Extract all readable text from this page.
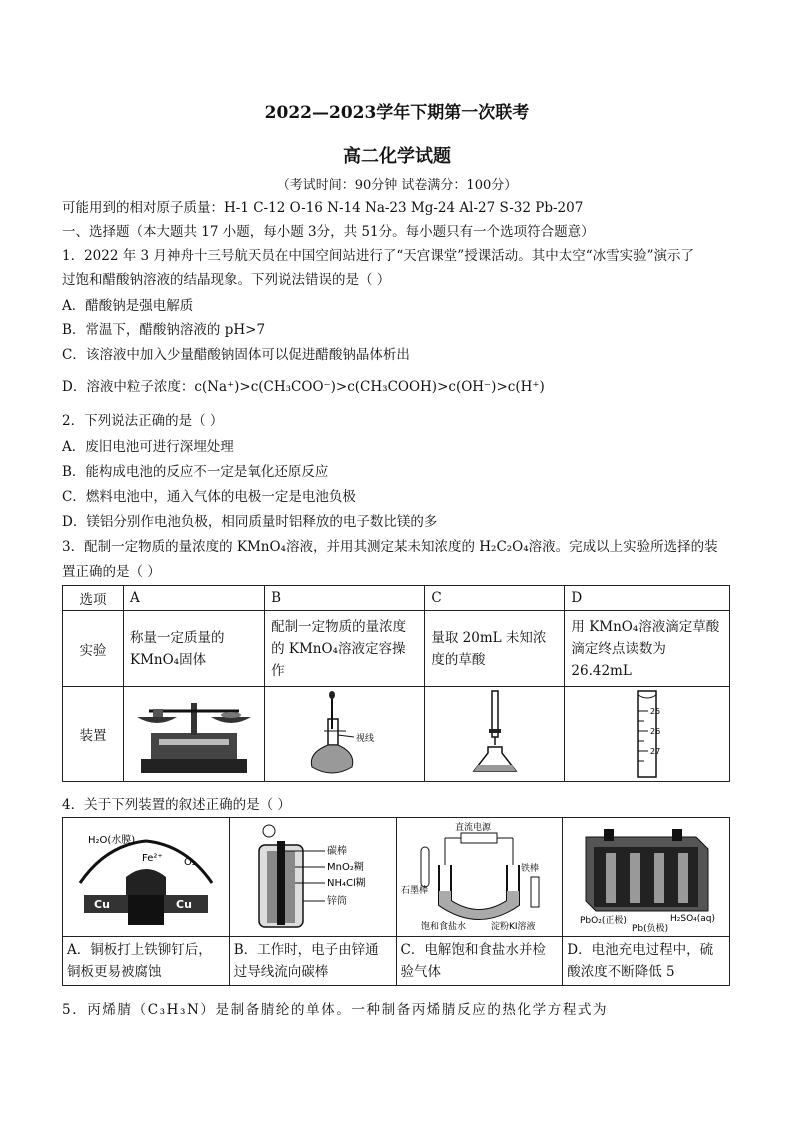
2022—2023学年下期第一次联考
高二化学试题
（考试时间：90分钟 试卷满分：100分）
可能用到的相对原子质量：H-1 C-12 O-16 N-14 Na-23 Mg-24 Al-27 S-32 Pb-207
一、选择题（本大题共 17 小题，每小题 3分，共 51分。每小题只有一个选项符合题意）
1．2022 年 3 月神舟十三号航天员在中国空间站进行了“天宫课堂”授课活动。其中太空“冰雪实验”演示了
过饱和醋酸钠溶液的结晶现象。下列说法错误的是（ ）
A．醋酸钠是强电解质
B．常温下，醋酸钠溶液的 pH>7
C．该溶液中加入少量醋酸钠固体可以促进醋酸钠晶体析出
D．溶液中粒子浓度：c(Na⁺)>c(CH₃COO⁻)>c(CH₃COOH)>c(OH⁻)>c(H⁺)
2．下列说法正确的是（ ）
A．废旧电池可进行深埋处理
B．能构成电池的反应不一定是氧化还原反应
C．燃料电池中，通入气体的电极一定是电池负极
D．镁铝分别作电池负极，相同质量时铝释放的电子数比镁的多
3．配制一定物质的量浓度的 KMnO₄溶液，并用其测定某未知浓度的 H₂C₂O₄溶液。完成以上实验所选择的装
置正确的是（ ）
选项	A	B	C	D
实验	称量一定质量的 KMnO₄固体	配制一定物质的量浓度的 KMnO₄溶液定容操作	量取 20mL 未知浓度的草酸	用 KMnO₄溶液滴定草酸滴定终点读数为 26.42mL
装置		视线		25
26
27
4．关于下列装置的叙述正确的是（ ）
H₂O(水膜)
O₂
Fe²⁺
Cu Cu	碳棒
MnO₂糊
NH₄Cl糊
锌筒	直流电源
石墨棒
铁棒
饱和食盐水 淀粉KI溶液	PbO₂(正极)
Pb(负极)
H₂SO₄(aq)

A．铜板打上铁铆钉后，铜板更易被腐蚀	B．工作时，电子由锌通过导线流向碳棒	C．电解饱和食盐水并检验气体	D．电池充电过程中，硫酸浓度不断降低 5
5．丙烯腈（C₃H₃N）是制备腈纶的单体。一种制备丙烯腈反应的热化学方程式为
